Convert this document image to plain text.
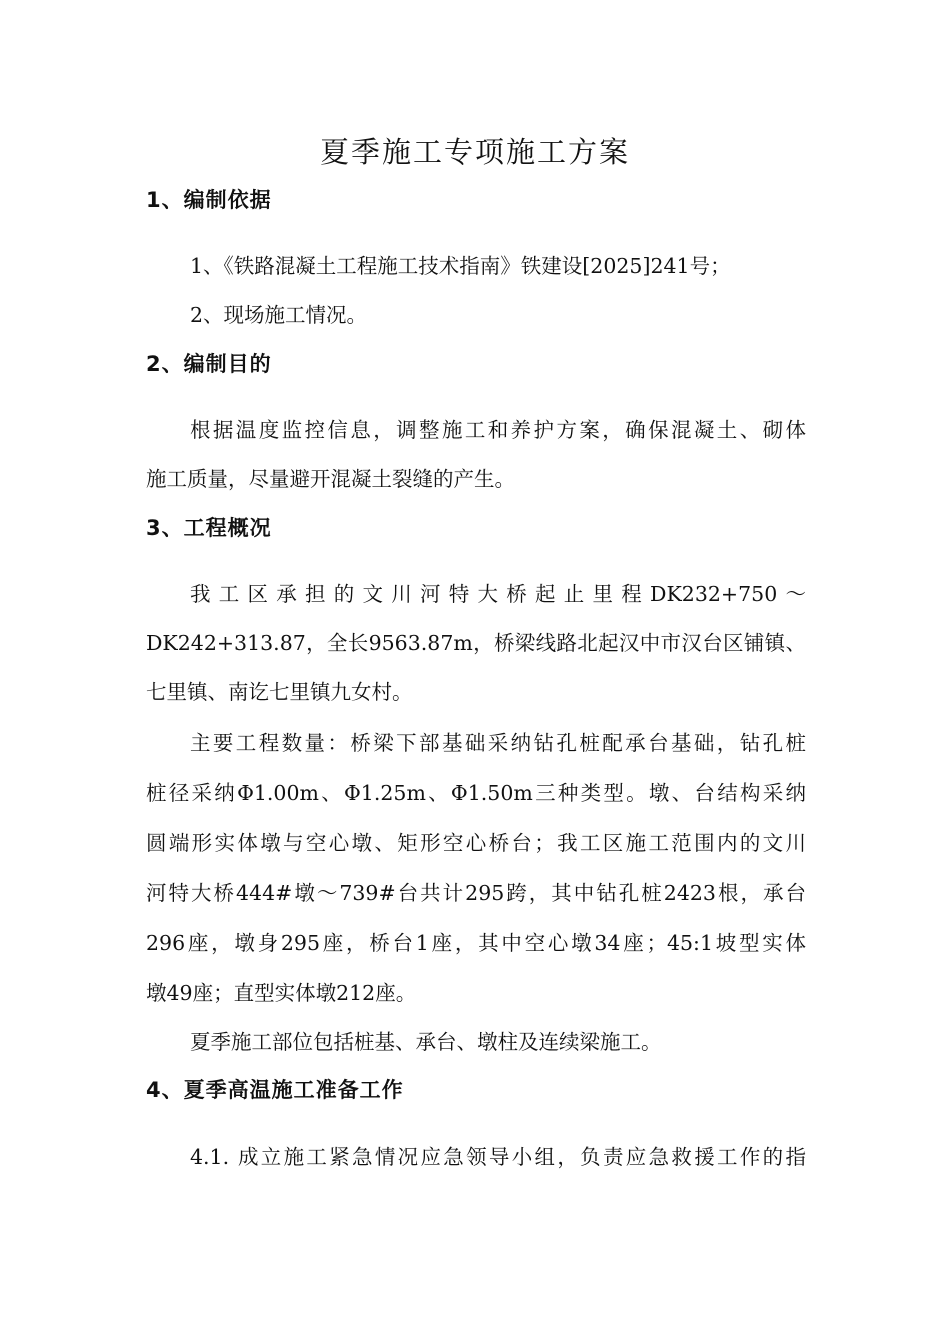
夏季施工专项施工方案
1、编制依据
1、《铁路混凝土工程施工技术指南》铁建设[2025]241号；
2、现场施工情况。
2、编制目的
根据温度监控信息，调整施工和养护方案，确保混凝土、砌体
施工质量，尽量避开混凝土裂缝的产生。
3、工程概况
我工区承担的文川河特大桥起止里程DK232+750～
DK242+313.87，全长9563.87m，桥梁线路北起汉中市汉台区铺镇、
七里镇、南讫七里镇九女村。
主要工程数量：桥梁下部基础采纳钻孔桩配承台基础，钻孔桩
桩径采纳Φ1.00m、Φ1.25m、Φ1.50m三种类型。墩、台结构采纳
圆端形实体墩与空心墩、矩形空心桥台；我工区施工范围内的文川
河特大桥444#墩～739#台共计295跨，其中钻孔桩2423根，承台
296座，墩身295座，桥台1座，其中空心墩34座；45:1坡型实体
墩49座；直型实体墩212座。
夏季施工部位包括桩基、承台、墩柱及连续梁施工。
4、夏季高温施工准备工作
4.1. 成立施工紧急情况应急领导小组，负责应急救援工作的指
